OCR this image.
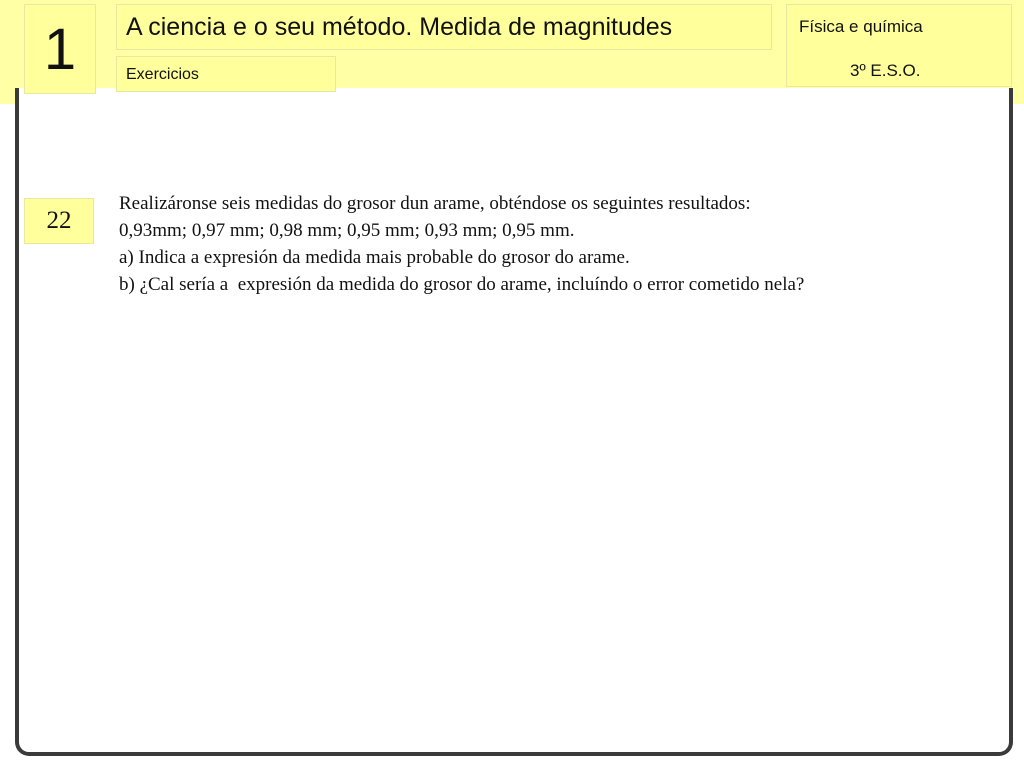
1	A ciencia e o seu método. Medida de magnitudes
Exercicios
Física e química
3º E.S.O.
22

Realizáronse seis medidas do grosor dun arame, obténdose os seguintes resultados:

0,93mm; 0,97 mm; 0,98 mm; 0,95 mm; 0,93 mm; 0,95 mm.

a) Indica a expresión da medida mais probable do grosor do arame.

b) ¿Cal sería a  expresión da medida do grosor do arame, incluíndo o error cometido nela?
